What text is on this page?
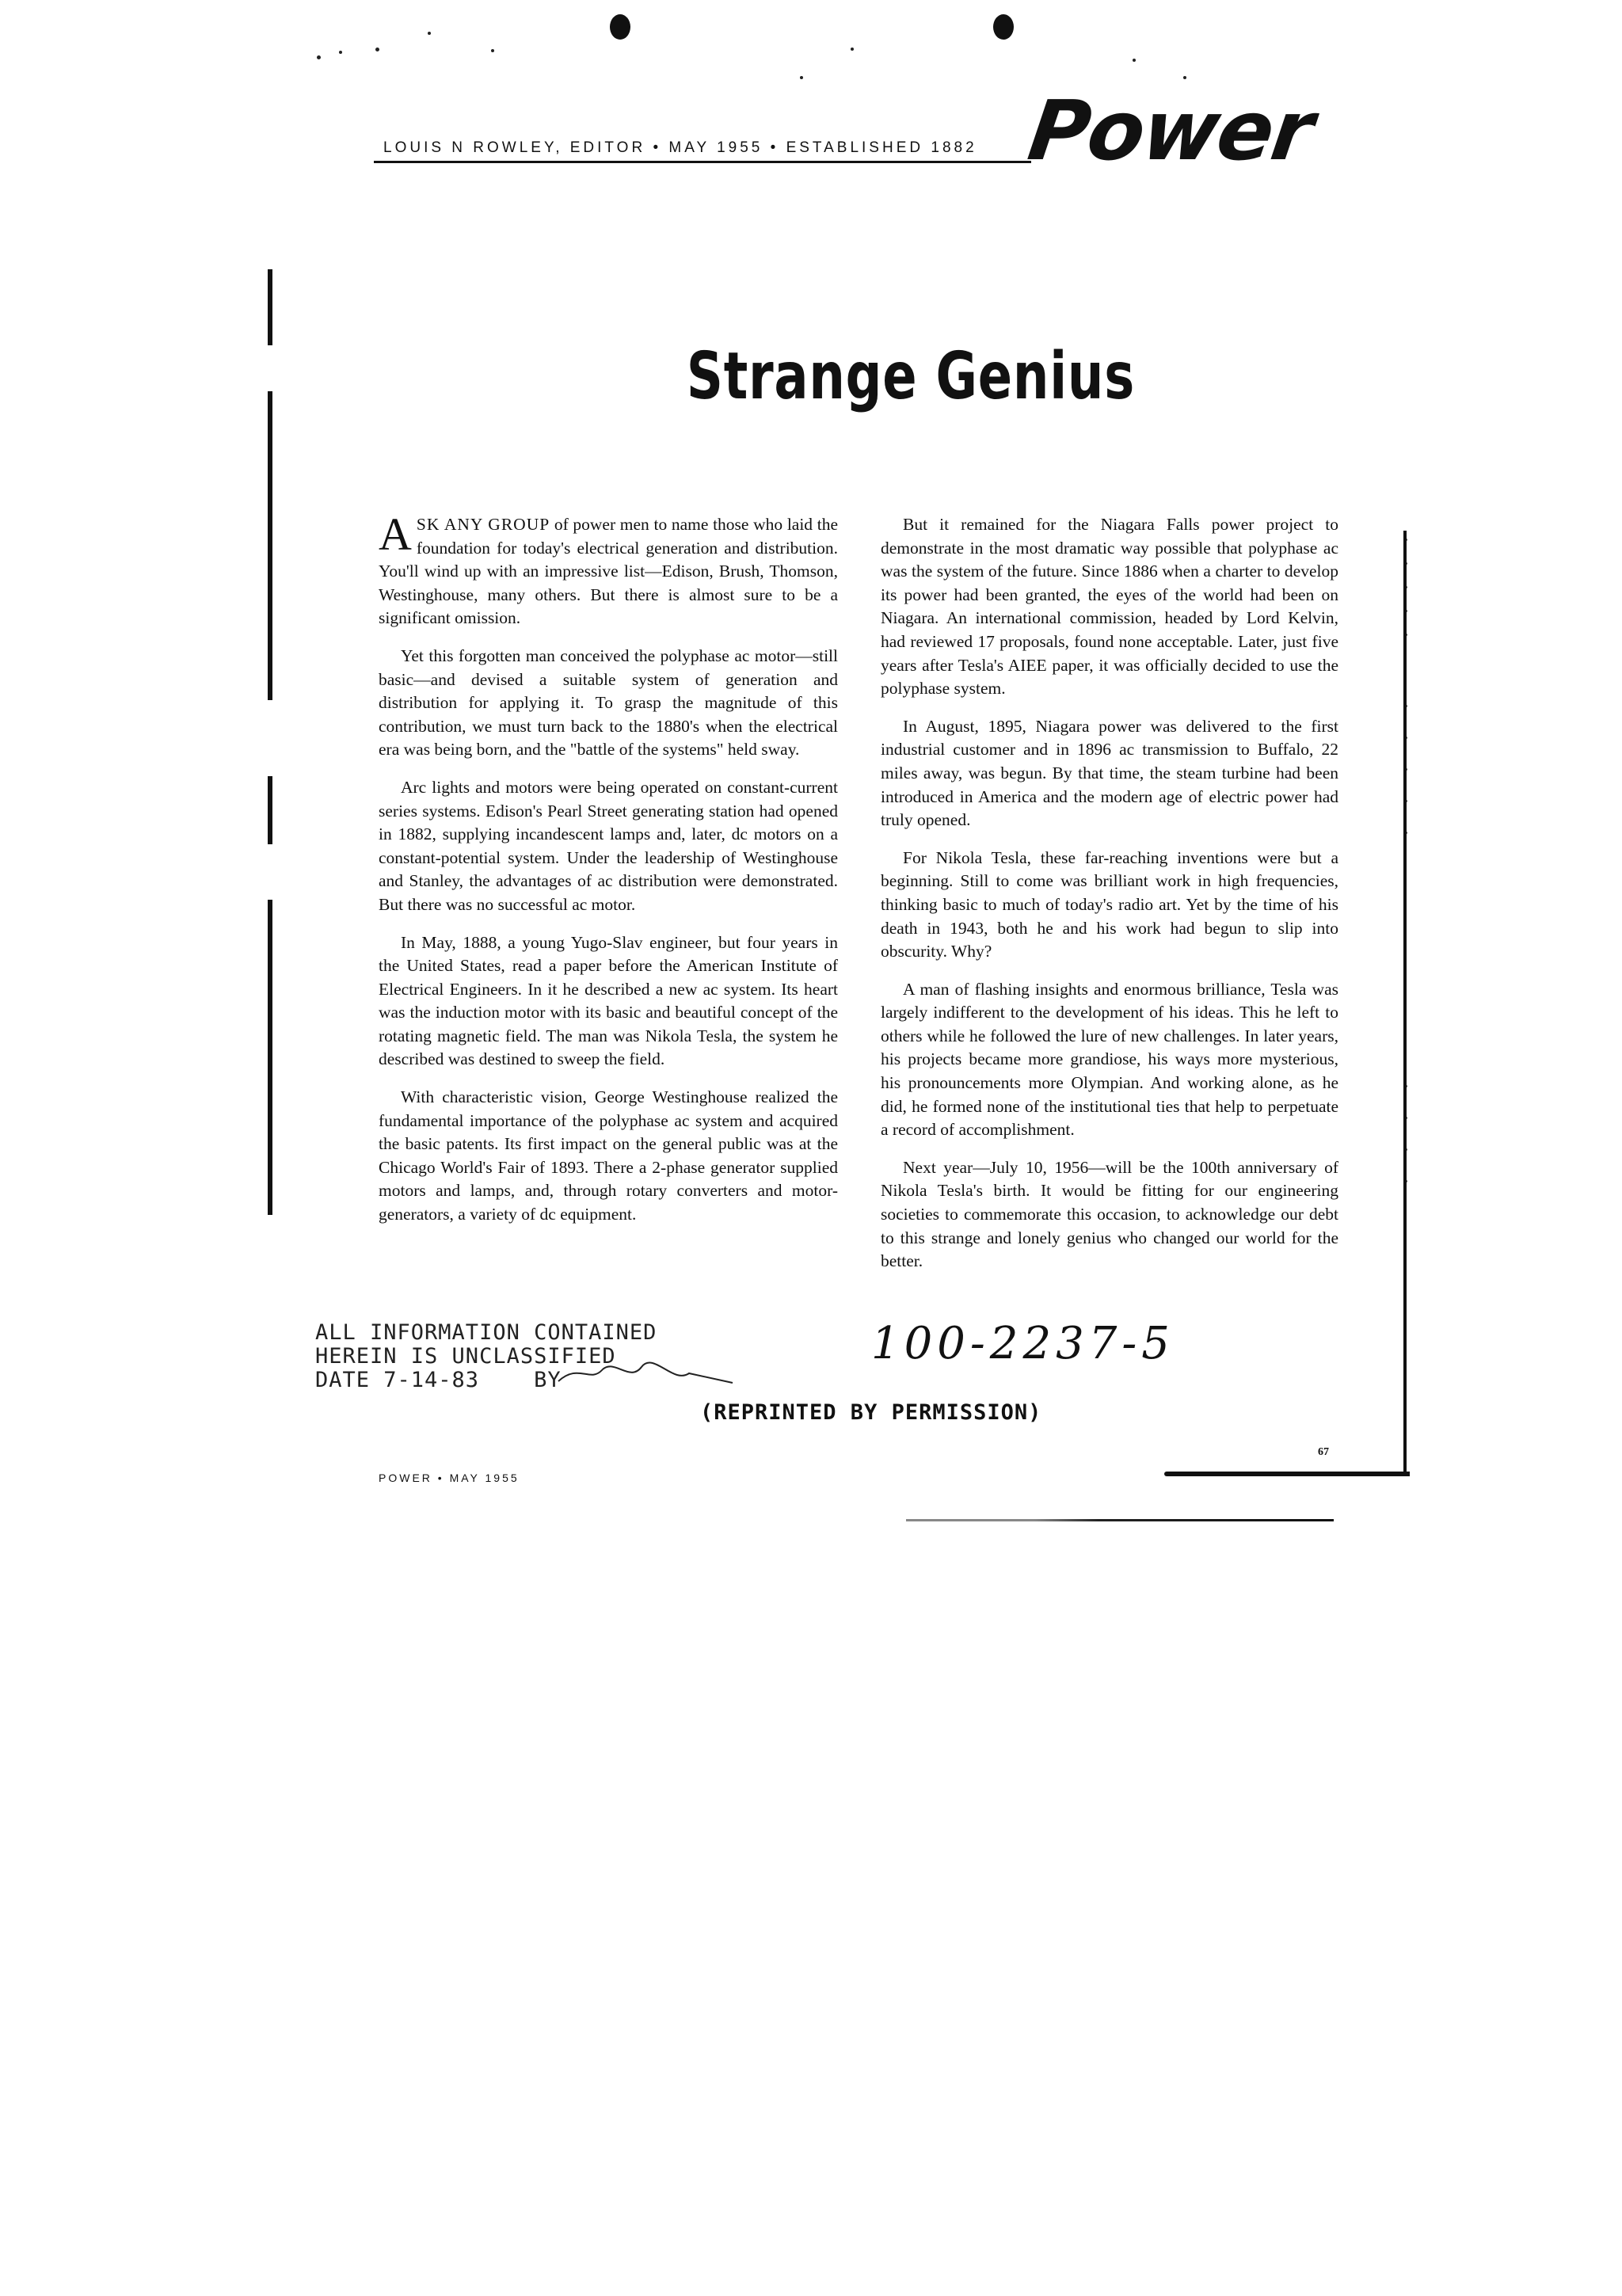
LOUIS N ROWLEY, EDITOR • MAY 1955 • ESTABLISHED 1882 Power
Strange Genius

ASK ANY GROUP of power men to name those who laid the foundation for today's electrical generation and distribution. You'll wind up with an impressive list—Edison, Brush, Thomson, Westinghouse, many others. But there is almost sure to be a significant omission.

Yet this forgotten man conceived the polyphase ac motor—still basic—and devised a suitable system of generation and distribution for applying it. To grasp the magnitude of this contribution, we must turn back to the 1880's when the electrical era was being born, and the "battle of the systems" held sway.

Arc lights and motors were being operated on constant-current series systems. Edison's Pearl Street generating station had opened in 1882, supplying incandescent lamps and, later, dc motors on a constant-potential system. Under the leadership of Westinghouse and Stanley, the advantages of ac distribution were demonstrated. But there was no successful ac motor.

In May, 1888, a young Yugo-Slav engineer, but four years in the United States, read a paper before the American Institute of Electrical Engineers. In it he described a new ac system. Its heart was the induction motor with its basic and beautiful concept of the rotating magnetic field. The man was Nikola Tesla, the system he described was destined to sweep the field.

With characteristic vision, George Westinghouse realized the fundamental importance of the polyphase ac system and acquired the basic patents. Its first impact on the general public was at the Chicago World's Fair of 1893. There a 2-phase generator supplied motors and lamps, and, through rotary converters and motor-generators, a variety of dc equipment.

But it remained for the Niagara Falls power project to demonstrate in the most dramatic way possible that polyphase ac was the system of the future. Since 1886 when a charter to develop its power had been granted, the eyes of the world had been on Niagara. An international commission, headed by Lord Kelvin, had reviewed 17 proposals, found none acceptable. Later, just five years after Tesla's AIEE paper, it was officially decided to use the polyphase system.

In August, 1895, Niagara power was delivered to the first industrial customer and in 1896 ac transmission to Buffalo, 22 miles away, was begun. By that time, the steam turbine had been introduced in America and the modern age of electric power had truly opened.

For Nikola Tesla, these far-reaching inventions were but a beginning. Still to come was brilliant work in high frequencies, thinking basic to much of today's radio art. Yet by the time of his death in 1943, both he and his work had begun to slip into obscurity. Why?

A man of flashing insights and enormous brilliance, Tesla was largely indifferent to the development of his ideas. This he left to others while he followed the lure of new challenges. In later years, his projects became more grandiose, his ways more mysterious, his pronouncements more Olympian. And working alone, as he did, he formed none of the institutional ties that help to perpetuate a record of accomplishment.

Next year—July 10, 1956—will be the 100th anniversary of Nikola Tesla's birth. It would be fitting for our engineering societies to commemorate this occasion, to acknowledge our debt to this strange and lonely genius who changed our world for the better.

ALL INFORMATION CONTAINED
HEREIN IS UNCLASSIFIED
DATE 7-14-83    BY
100-2237-5
(REPRINTED BY PERMISSION)
POWER • MAY 1955
67
